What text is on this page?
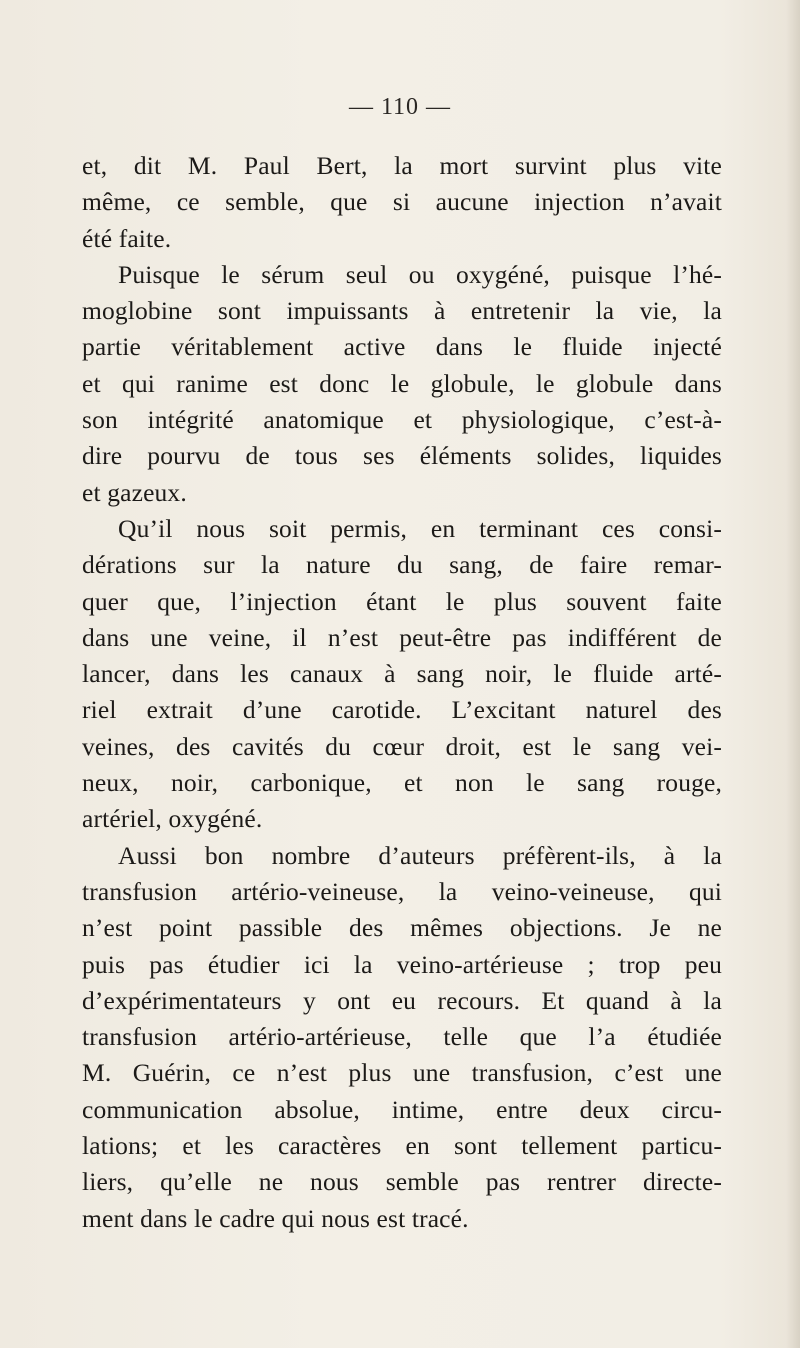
— 110 —
et, dit M. Paul Bert, la mort survint plus vite
même, ce semble, que si aucune injection n’avait
été faite.
Puisque le sérum seul ou oxygéné, puisque l’hé-
moglobine sont impuissants à entretenir la vie, la
partie véritablement active dans le fluide injecté
et qui ranime est donc le globule, le globule dans
son intégrité anatomique et physiologique, c’est-à-
dire pourvu de tous ses éléments solides, liquides
et gazeux.
Qu’il nous soit permis, en terminant ces consi-
dérations sur la nature du sang, de faire remar-
quer que, l’injection étant le plus souvent faite
dans une veine, il n’est peut-être pas indifférent de
lancer, dans les canaux à sang noir, le fluide arté-
riel extrait d’une carotide. L’excitant naturel des
veines, des cavités du cœur droit, est le sang vei-
neux, noir, carbonique, et non le sang rouge,
artériel, oxygéné.
Aussi bon nombre d’auteurs préfèrent-ils, à la
transfusion artério-veineuse, la veino-veineuse, qui
n’est point passible des mêmes objections. Je ne
puis pas étudier ici la veino-artérieuse ; trop peu
d’expérimentateurs y ont eu recours. Et quand à la
transfusion artério-artérieuse, telle que l’a étudiée
M. Guérin, ce n’est plus une transfusion, c’est une
communication absolue, intime, entre deux circu-
lations; et les caractères en sont tellement particu-
liers, qu’elle ne nous semble pas rentrer directe-
ment dans le cadre qui nous est tracé.
